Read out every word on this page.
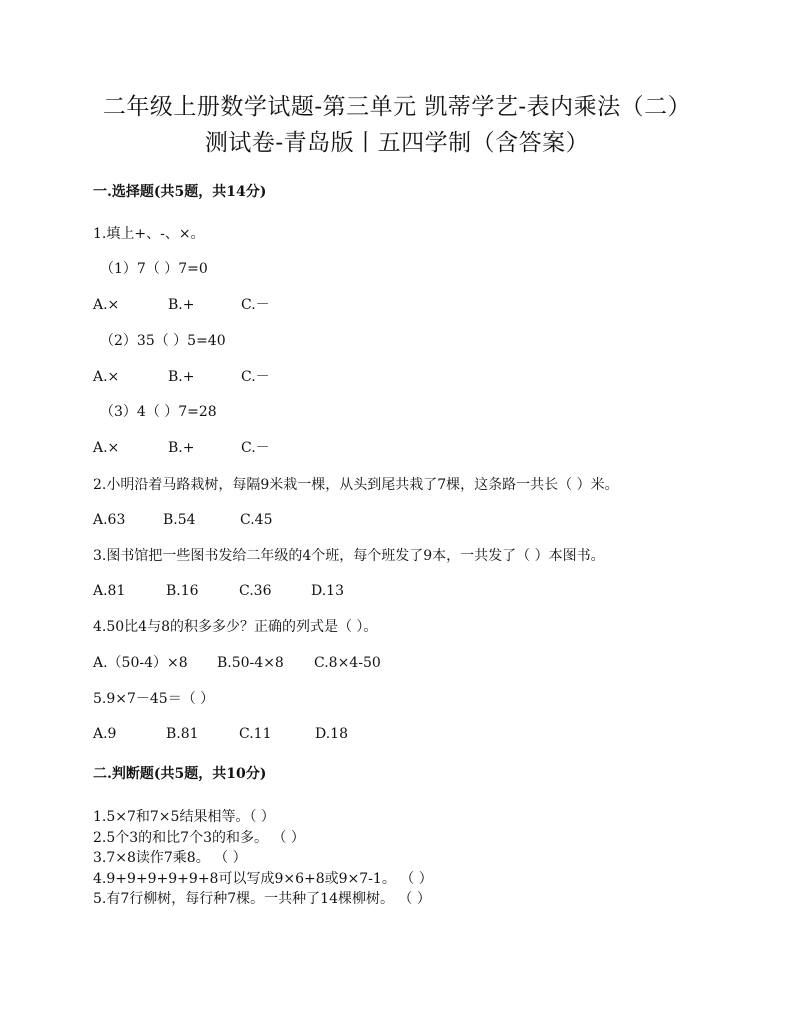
二年级上册数学试题-第三单元 凯蒂学艺-表内乘法（二）
测试卷-青岛版丨五四学制（含答案）
一.选择题(共5题，共14分)
1.填上+、-、×。
（1）7（ ）7=0
A.×	B.+	C.－
（2）35（ ）5=40
A.×	B.+	C.－
（3）4（ ）7=28
A.×	B.+	C.－
2.小明沿着马路栽树，每隔9米栽一棵，从头到尾共栽了7棵，这条路一共长（ ）米。
A.63	B.54	C.45
3.图书馆把一些图书发给二年级的4个班，每个班发了9本，一共发了（ ）本图书。
A.81	B.16	C.36	D.13
4.50比4与8的积多多少？正确的列式是（ ）。
A.（50-4）×8 B.50-4×8 C.8×4-50
5.9×7－45＝（ ）
A.9	B.81	C.11	D.18
二.判断题(共5题，共10分)
1.5×7和7×5结果相等。（ ）
2.5个3的和比7个3的和多。 （ ）
3.7×8读作7乘8。 （ ）
4.9+9+9+9+9+8可以写成9×6+8或9×7-1。 （ ）
5.有7行柳树，每行种7棵。一共种了14棵柳树。 （ ）
